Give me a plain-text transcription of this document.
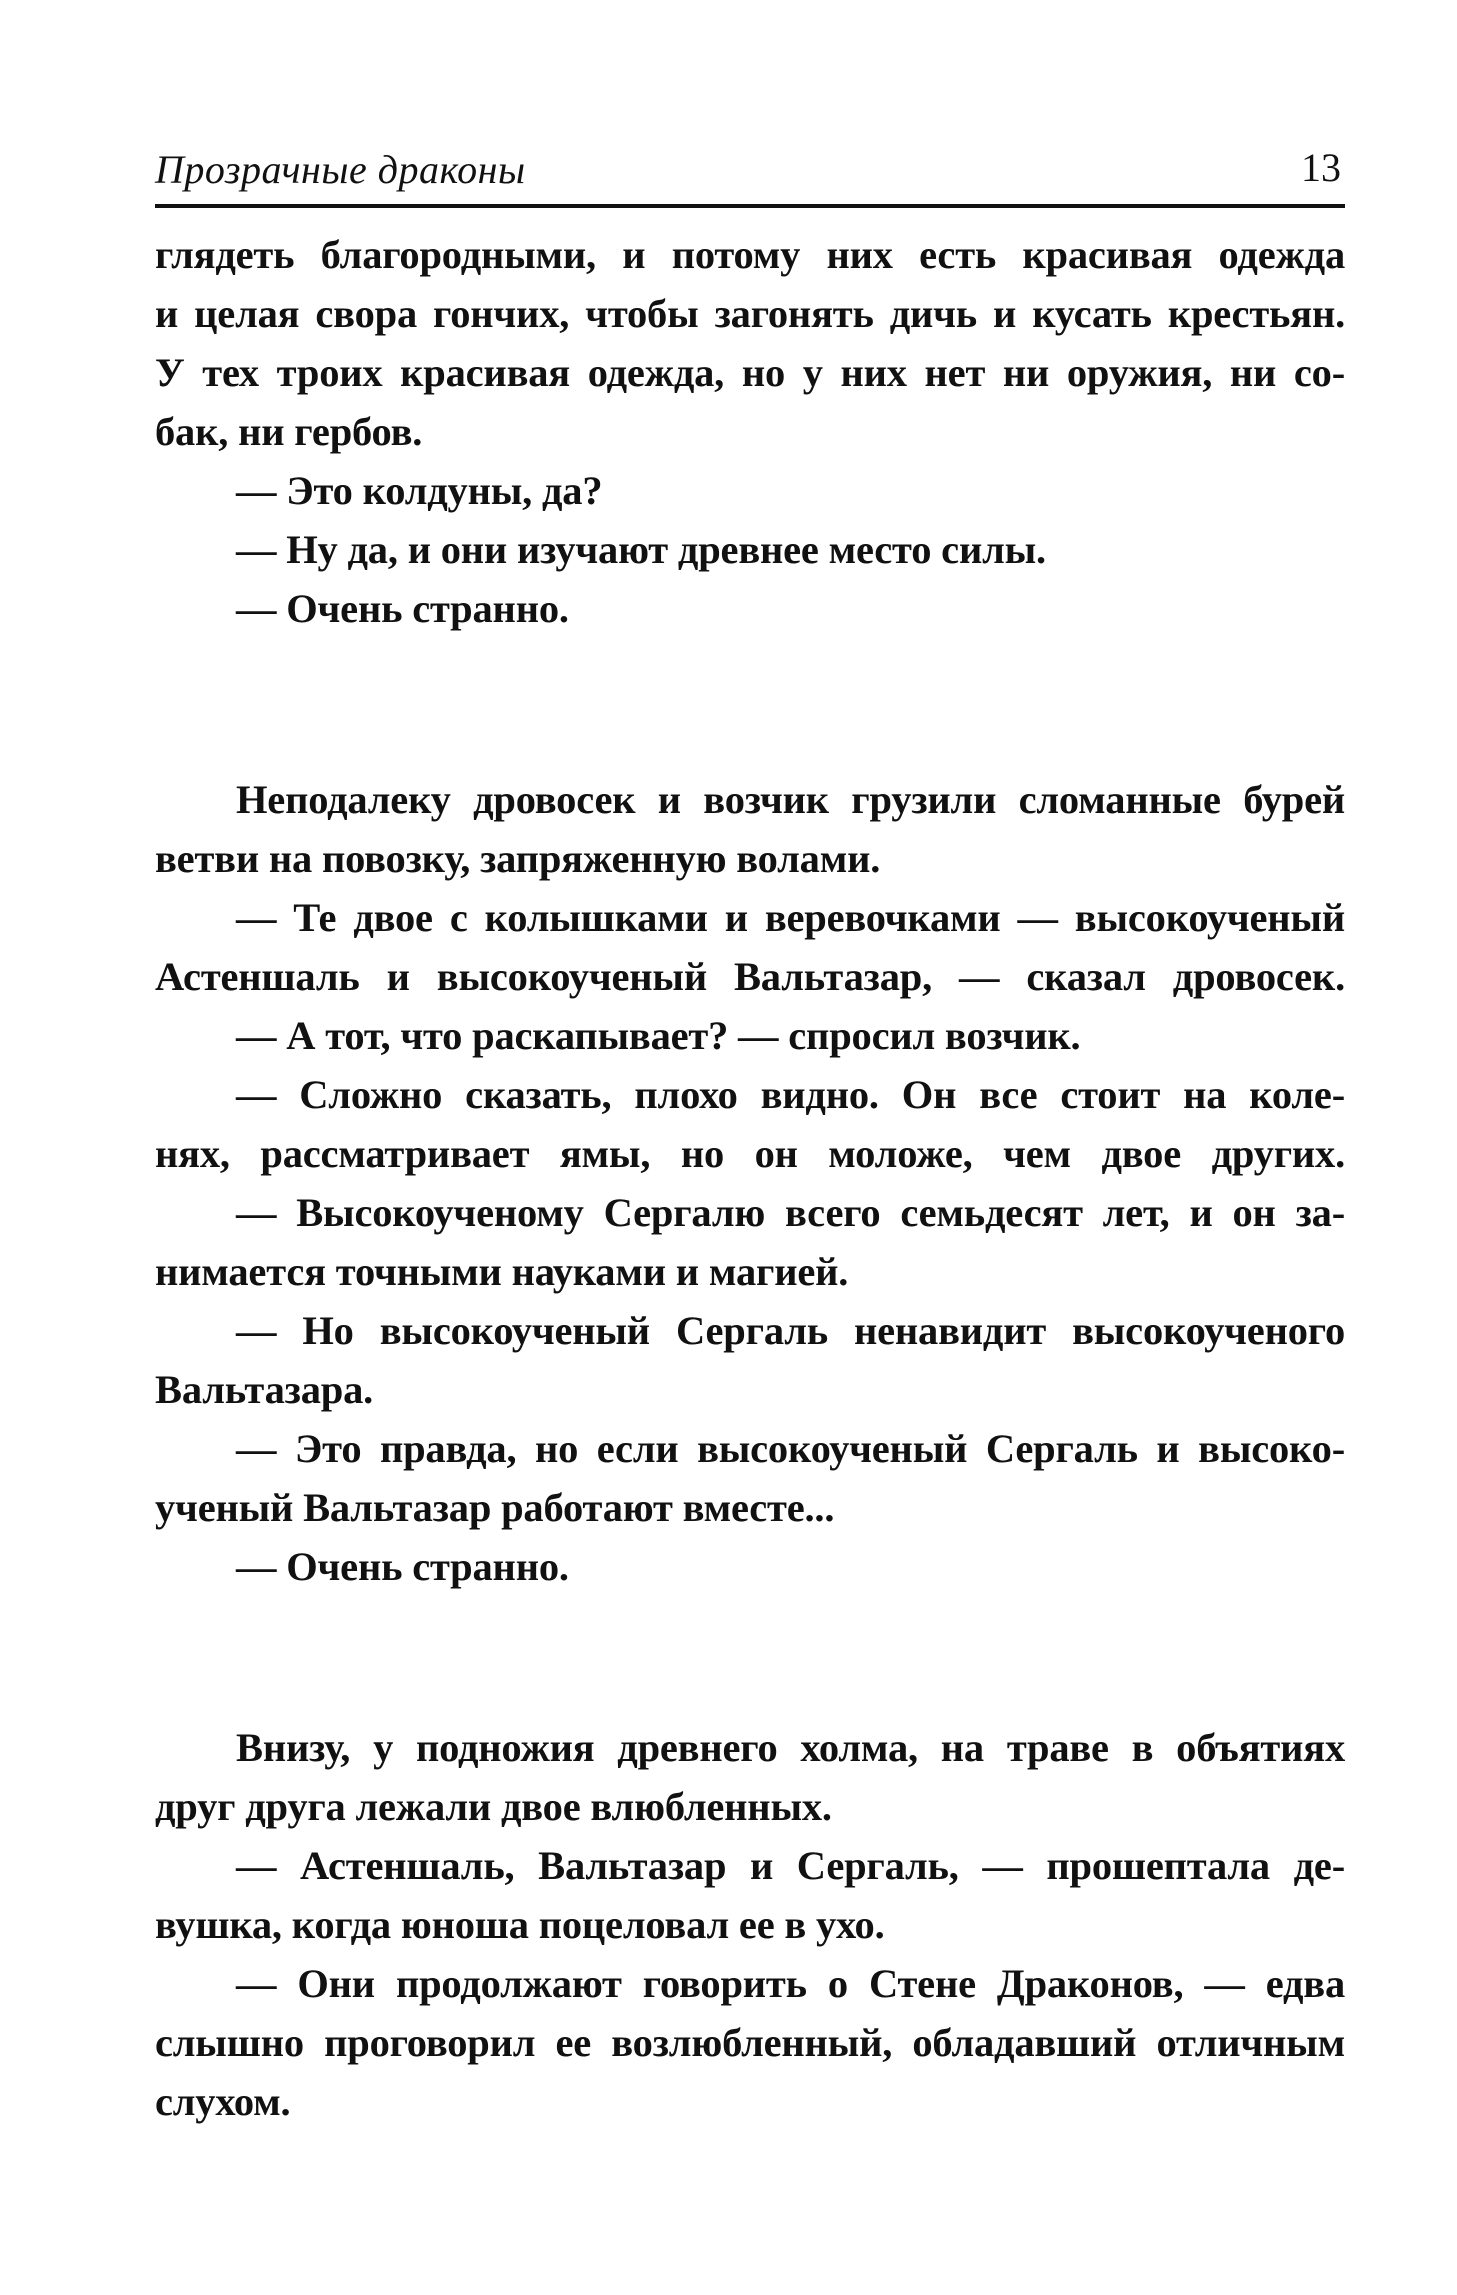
Прозрачные драконы	13
глядеть благородными, и потому них есть красивая одежда
и целая свора гончих, чтобы загонять дичь и кусать крестьян.
У тех троих красивая одежда, но у них нет ни оружия, ни со-
бак, ни гербов.
— Это колдуны, да?
— Ну да, и они изучают древнее место силы.
— Очень странно.
Неподалеку дровосек и возчик грузили сломанные бурей
ветви на повозку, запряженную волами.
— Те двое с колышками и веревочками — высокоученый
Астеншаль и высокоученый Вальтазар, — сказал дровосек.
— А тот, что раскапывает? — спросил возчик.
— Сложно сказать, плохо видно. Он все стоит на коле-
нях, рассматривает ямы, но он моложе, чем двое других.
— Высокоученому Сергалю всего семьдесят лет, и он за-
нимается точными науками и магией.
— Но высокоученый Сергаль ненавидит высокоученого
Вальтазара.
— Это правда, но если высокоученый Сергаль и высоко-
ученый Вальтазар работают вместе...
— Очень странно.
Внизу, у подножия древнего холма, на траве в объятиях
друг друга лежали двое влюбленных.
— Астеншаль, Вальтазар и Сергаль, — прошептала де-
вушка, когда юноша поцеловал ее в ухо.
— Они продолжают говорить о Стене Драконов, — едва
слышно проговорил ее возлюбленный, обладавший отличным
слухом.
